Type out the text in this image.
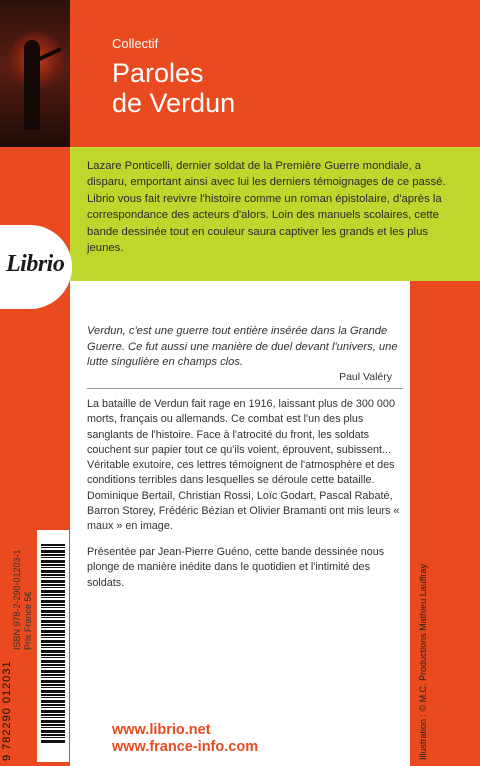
Collectif
Paroles
de Verdun
Lazare Ponticelli, dernier soldat de la Première Guerre mondiale, a disparu, emportant ainsi avec lui les derniers témoignages de ce passé. Librio vous fait revivre l'histoire comme un roman épistolaire, d'après la correspondance des acteurs d'alors. Loin des manuels scolaires, cette bande dessinée tout en couleur saura captiver les grands et les plus jeunes.
Librio
Verdun, c'est une guerre tout entière insérée dans la Grande Guerre. Ce fut aussi une manière de duel devant l'univers, une lutte singulière en champs clos.
Paul Valéry
La bataille de Verdun fait rage en 1916, laissant plus de 300 000 morts, français ou allemands. Ce combat est l'un des plus sanglants de l'histoire. Face à l'atrocité du front, les soldats couchent sur papier tout ce qu'ils voient, éprouvent, subissent... Véritable exutoire, ces lettres témoignent de l'atmosphère et des conditions terribles dans lesquelles se déroule cette bataille. Dominique Bertail, Christian Rossi, Loïc Godart, Pascal Rabaté, Barron Storey, Frédéric Bézian et Olivier Bramanti ont mis leurs « maux » en image.
Présentée par Jean-Pierre Guéno, cette bande dessinée nous plonge de manière inédite dans le quotidien et l'intimité des soldats.
9 782290 012031
ISBN 978-2-290-01203-1 Prix France 5€	Illustration : © M.C. Productions Mathieu Lauffray
www.librio.net
www.france-info.com
